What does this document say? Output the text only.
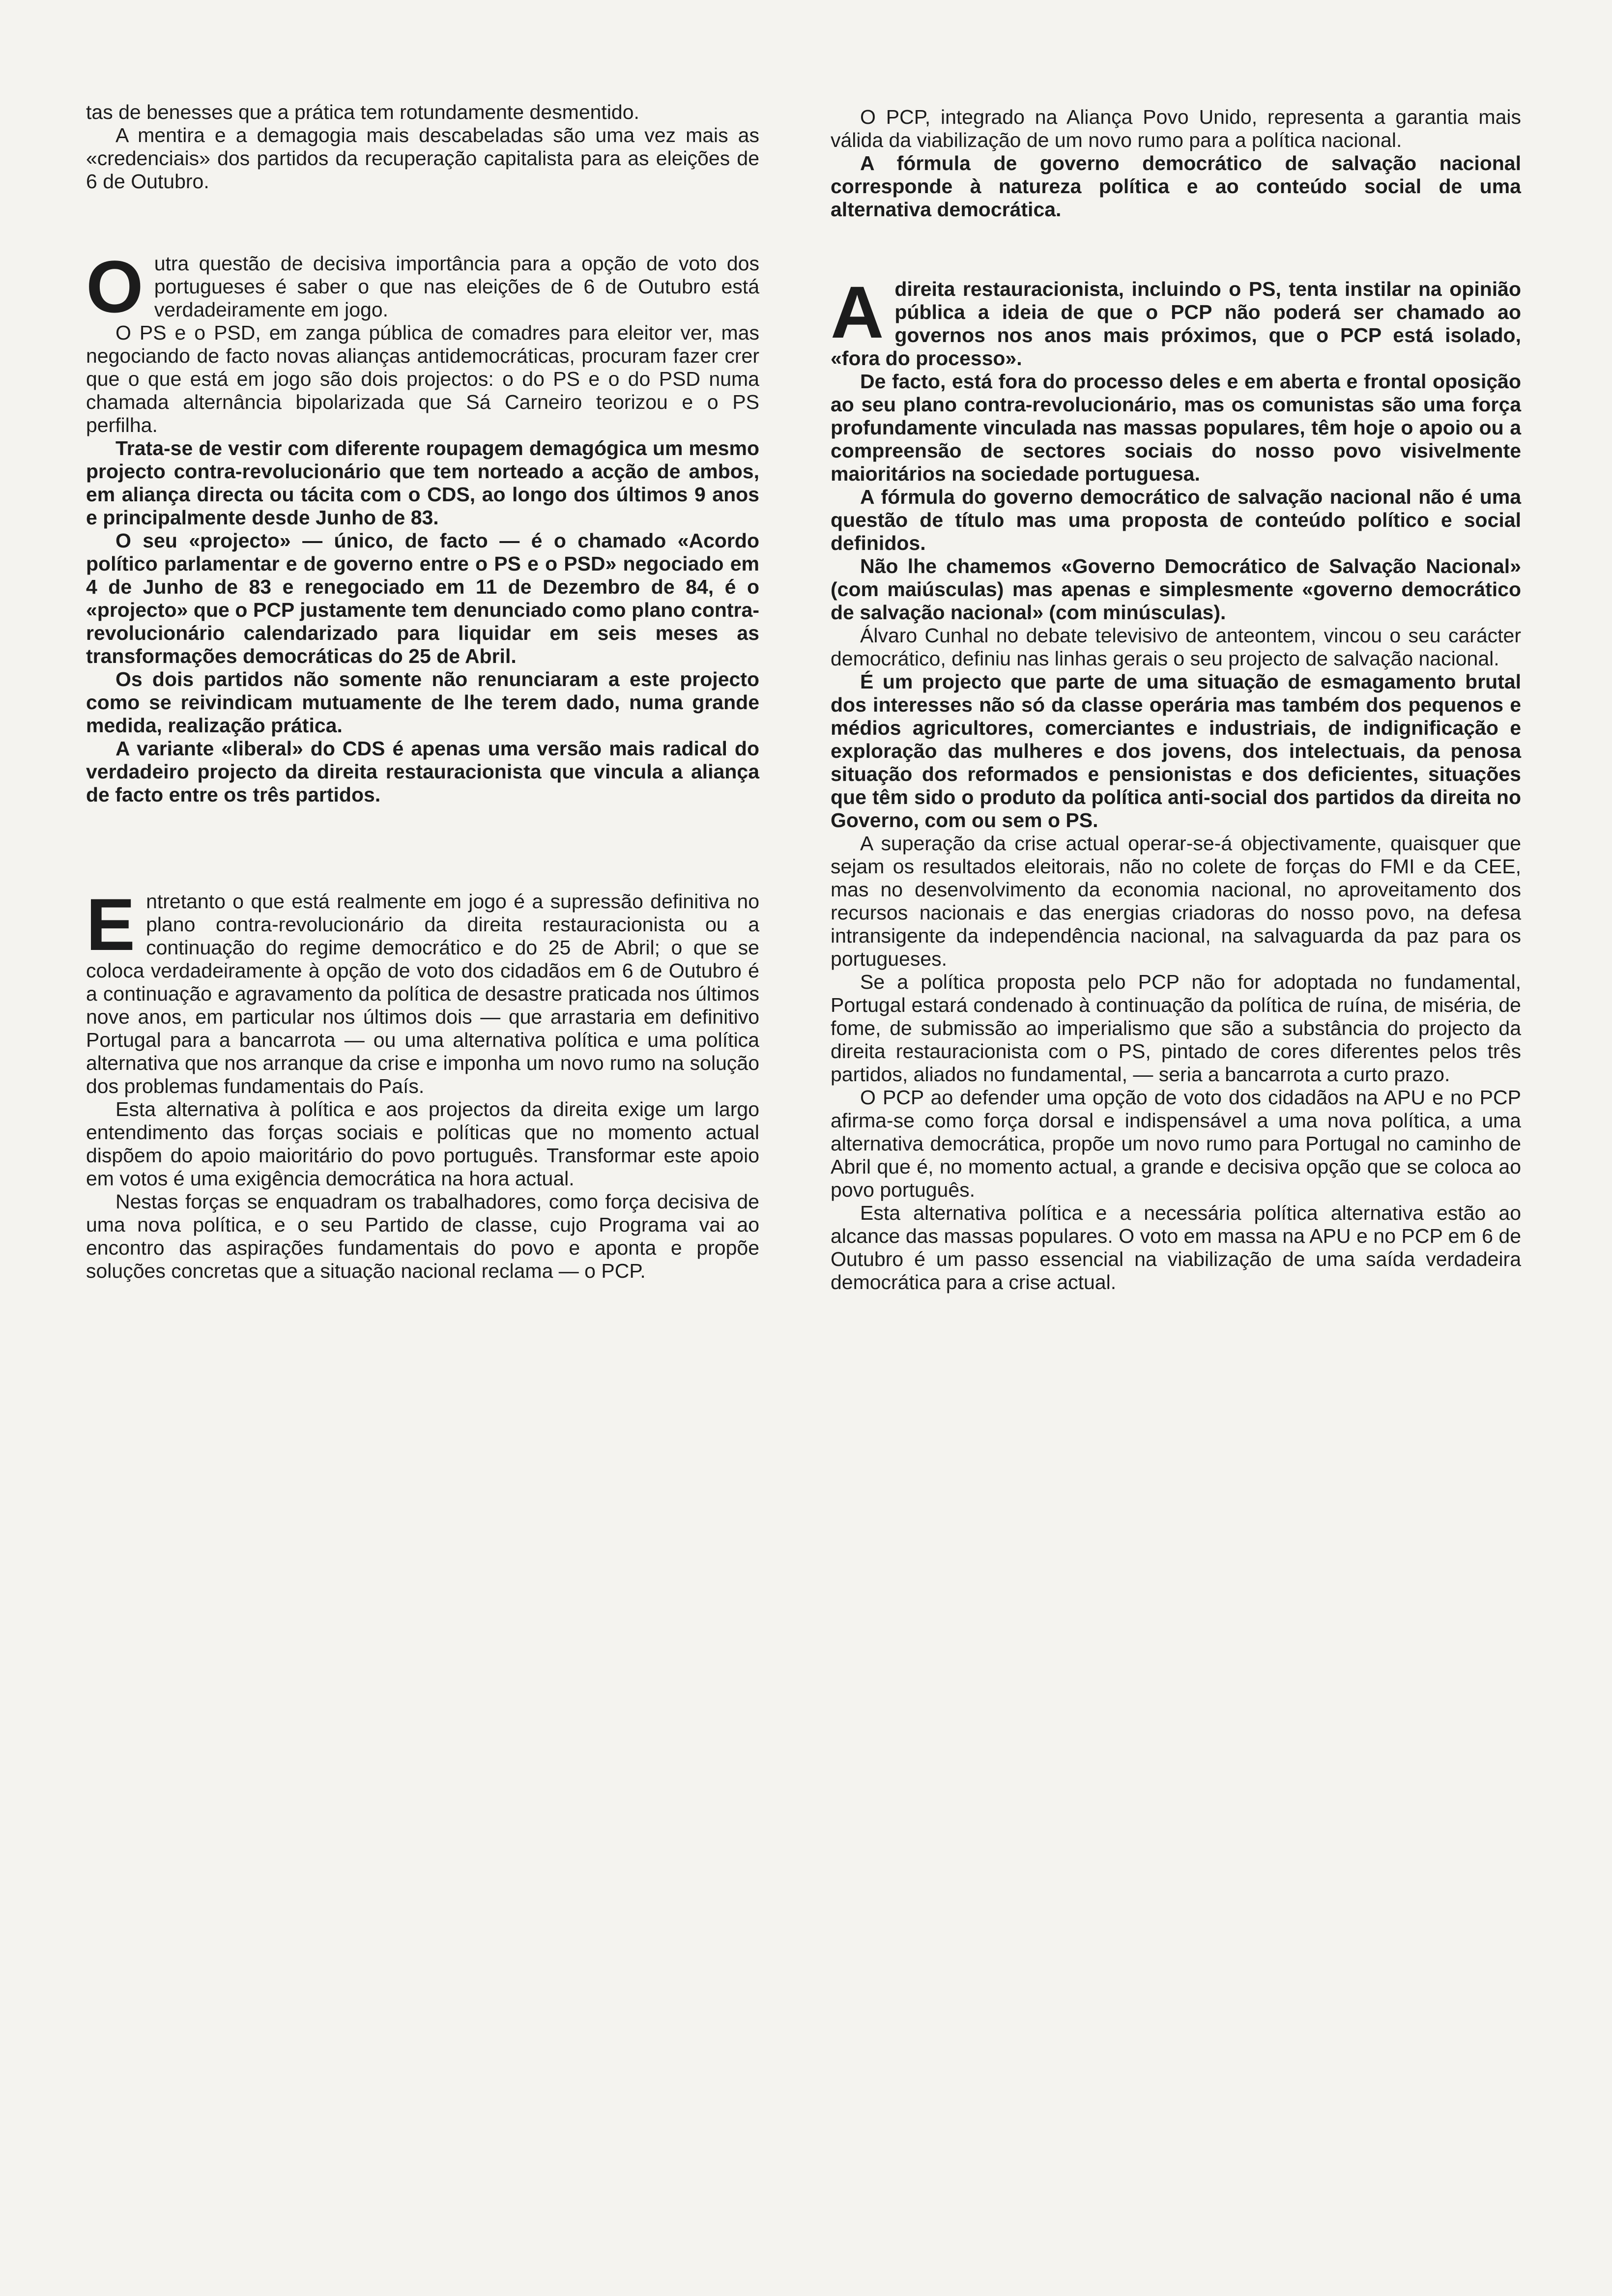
tas de benesses que a prática tem rotundamente desmentido.

A mentira e a demagogia mais descabeladas são uma vez mais as «credenciais» dos partidos da recuperação capitalista para as eleições de 6 de Outubro.

Outra questão de decisiva importância para a opção de voto dos portugueses é saber o que nas eleições de 6 de Outubro está verdadeiramente em jogo.

O PS e o PSD, em zanga pública de comadres para eleitor ver, mas negociando de facto novas alianças antidemocráticas, procuram fazer crer que o que está em jogo são dois projectos: o do PS e o do PSD numa chamada alternância bipolarizada que Sá Carneiro teorizou e o PS perfilha.

Trata-se de vestir com diferente roupagem demagógica um mesmo projecto contra-revolucionário que tem norteado a acção de ambos, em aliança directa ou tácita com o CDS, ao longo dos últimos 9 anos e principalmente desde Junho de 83.

O seu «projecto» — único, de facto — é o chamado «Acordo político parlamentar e de governo entre o PS e o PSD» negociado em 4 de Junho de 83 e renegociado em 11 de Dezembro de 84, é o «projecto» que o PCP justamente tem denunciado como plano contra-revolucionário calendarizado para liquidar em seis meses as transformações democráticas do 25 de Abril.

Os dois partidos não somente não renunciaram a este projecto como se reivindicam mutuamente de lhe terem dado, numa grande medida, realização prática.

A variante «liberal» do CDS é apenas uma versão mais radical do verdadeiro projecto da direita restauracionista que vincula a aliança de facto entre os três partidos.

Entretanto o que está realmente em jogo é a supressão definitiva no plano contra-revolucionário da direita restauracionista ou a continuação do regime democrático e do 25 de Abril; o que se coloca verdadeiramente à opção de voto dos cidadãos em 6 de Outubro é a continuação e agravamento da política de desastre praticada nos últimos nove anos, em particular nos últimos dois — que arrastaria em definitivo Portugal para a bancarrota — ou uma alternativa política e uma política alternativa que nos arranque da crise e imponha um novo rumo na solução dos problemas fundamentais do País.

Esta alternativa à política e aos projectos da direita exige um largo entendimento das forças sociais e políticas que no momento actual dispõem do apoio maioritário do povo português. Transformar este apoio em votos é uma exigência democrática na hora actual.

Nestas forças se enquadram os trabalhadores, como força decisiva de uma nova política, e o seu Partido de classe, cujo Programa vai ao encontro das aspirações fundamentais do povo e aponta e propõe soluções concretas que a situação nacional reclama — o PCP.

O PCP, integrado na Aliança Povo Unido, representa a garantia mais válida da viabilização de um novo rumo para a política nacional.

A fórmula de governo democrático de salvação nacional corresponde à natureza política e ao conteúdo social de uma alternativa democrática.

Adireita restauracionista, incluindo o PS, tenta instilar na opinião pública a ideia de que o PCP não poderá ser chamado ao governos nos anos mais próximos, que o PCP está isolado, «fora do processo».

De facto, está fora do processo deles e em aberta e frontal oposição ao seu plano contra-revolucionário, mas os comunistas são uma força profundamente vinculada nas massas populares, têm hoje o apoio ou a compreensão de sectores sociais do nosso povo visivelmente maioritários na sociedade portuguesa.

A fórmula do governo democrático de salvação nacional não é uma questão de título mas uma proposta de conteúdo político e social definidos.

Não lhe chamemos «Governo Democrático de Salvação Nacional» (com maiúsculas) mas apenas e simplesmente «governo democrático de salvação nacional» (com minúsculas).

Álvaro Cunhal no debate televisivo de anteontem, vincou o seu carácter democrático, definiu nas linhas gerais o seu projecto de salvação nacional.

É um projecto que parte de uma situação de esmagamento brutal dos interesses não só da classe operária mas também dos pequenos e médios agricultores, comerciantes e industriais, de indignificação e exploração das mulheres e dos jovens, dos intelectuais, da penosa situação dos reformados e pensionistas e dos deficientes, situações que têm sido o produto da política anti-social dos partidos da direita no Governo, com ou sem o PS.

A superação da crise actual operar-se-á objectivamente, quaisquer que sejam os resultados eleitorais, não no colete de forças do FMI e da CEE, mas no desenvolvimento da economia nacional, no aproveitamento dos recursos nacionais e das energias criadoras do nosso povo, na defesa intransigente da independência nacional, na salvaguarda da paz para os portugueses.

Se a política proposta pelo PCP não for adoptada no fundamental, Portugal estará condenado à continuação da política de ruína, de miséria, de fome, de submissão ao imperialismo que são a substância do projecto da direita restauracionista com o PS, pintado de cores diferentes pelos três partidos, aliados no fundamental, — seria a bancarrota a curto prazo.

O PCP ao defender uma opção de voto dos cidadãos na APU e no PCP afirma-se como força dorsal e indispensável a uma nova política, a uma alternativa democrática, propõe um novo rumo para Portugal no caminho de Abril que é, no momento actual, a grande e decisiva opção que se coloca ao povo português.

Esta alternativa política e a necessária política alternativa estão ao alcance das massas populares. O voto em massa na APU e no PCP em 6 de Outubro é um passo essencial na viabilização de uma saída verdadeira democrática para a crise actual.
